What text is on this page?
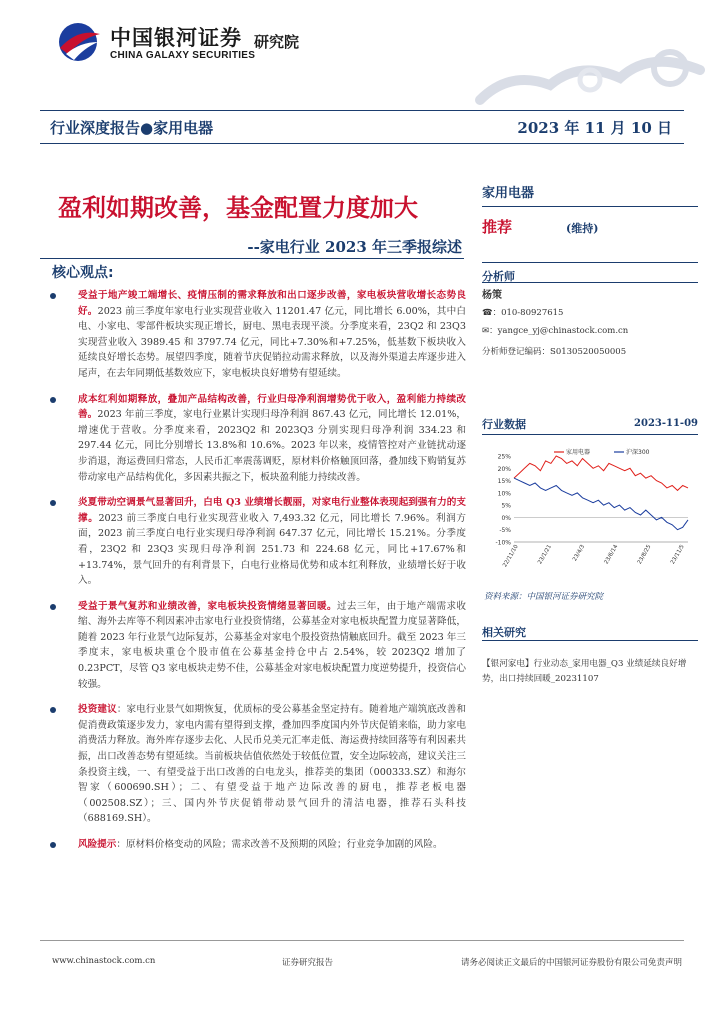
中国银河证券
CHINA GALAXY SECURITIES
研究院
行业深度报告●家用电器	2023 年 11 月 10 日
盈利如期改善，基金配置力度加大
--家电行业 2023 年三季报综述
核心观点:
受益于地产竣工端增长、疫情压制的需求释放和出口逐步改善，家电板块营收增长态势良好。2023 前三季度年家电行业实现营业收入 11201.47 亿元，同比增长 6.00%，其中白电、小家电、零部件板块实现正增长，厨电、黑电表现平淡。分季度来看，23Q2 和 23Q3 实现营业收入 3989.45 和 3797.74 亿元，同比+7.30%和+7.25%，低基数下板块收入延续良好增长态势。展望四季度，随着节庆促销拉动需求释放，以及海外渠道去库逐步进入尾声，在去年同期低基数效应下，家电板块良好增势有望延续。
成本红利如期释放，叠加产品结构改善，行业归母净利润增势优于收入，盈利能力持续改善。2023 年前三季度，家电行业累计实现归母净利润 867.43 亿元，同比增长 12.01%，增速优于营收。分季度来看，2023Q2 和 2023Q3 分别实现归母净利润 334.23 和 297.44 亿元，同比分别增长 13.8%和 10.6%。2023 年以来，疫情管控对产业链扰动逐步消退，海运费回归常态，人民币汇率震荡调贬，原材料价格触顶回落，叠加线下购销复苏带动家电产品结构优化，多因素共振之下，板块盈利能力持续改善。
炎夏带动空调景气显著回升，白电 Q3 业绩增长靓丽，对家电行业整体表现起到强有力的支撑。2023 前三季度白电行业实现营业收入 7,493.32 亿元，同比增长 7.96%。利润方面，2023 前三季度白电行业实现归母净利润 647.37 亿元，同比增长 15.21%。分季度看，23Q2 和 23Q3 实现归母净利润 251.73 和 224.68 亿元，同比+17.67%和+13.74%，景气回升的有利背景下，白电行业格局优势和成本红利释放，业绩增长好于收入。
受益于景气复苏和业绩改善，家电板块投资情绪显著回暖。过去三年，由于地产端需求收缩、海外去库等不利因素冲击家电行业投资情绪，公募基金对家电板块配置力度显著降低，随着 2023 年行业景气边际复苏，公募基金对家电个股投资热情触底回升。截至 2023 年三季度末，家电板块重仓个股市值在公募基金持仓中占 2.54%，较 2023Q2 增加了 0.23PCT，尽管 Q3 家电板块走势不佳，公募基金对家电板块配置力度逆势提升，投资信心较强。
投资建议：家电行业景气如期恢复，优质标的受公募基金坚定持有。随着地产端筑底改善和促消费政策逐步发力，家电内需有望得到支撑，叠加四季度国内外节庆促销来临，助力家电消费活力释放。海外库存逐步去化、人民币兑美元汇率走低、海运费持续回落等有利因素共振，出口改善态势有望延续。当前板块估值依然处于较低位置，安全边际较高，建议关注三条投资主线，一、有望受益于出口改善的白电龙头，推荐美的集团（000333.SZ）和海尔智家（600690.SH）；二、有望受益于地产边际改善的厨电，推荐老板电器（002508.SZ）；三、国内外节庆促销带动景气回升的清洁电器，推荐石头科技（688169.SH）。
风险提示：原材料价格变动的风险；需求改善不及预期的风险；行业竞争加剧的风险。
家用电器
推荐	(维持)
分析师
杨策
☎：010-80927615
✉：yangce_yj@chinastock.com.cn
分析师登记编码：S0130520050005
行业数据	2023-11-09
相关研究
25%
20%
15%
10%
5%
0%
-5%
-10%
22/11/10	23/1/21	23/4/3	23/6/14	23/8/25	23/11/5
家用电器	沪深300
资料来源：中国银河证券研究院
【银河家电】行业动态_家用电器_Q3 业绩延续良好增势，出口持续回暖_20231107
www.chinastock.com.cn	证券研究报告	请务必阅读正文最后的中国银河证券股份有限公司免责声明
